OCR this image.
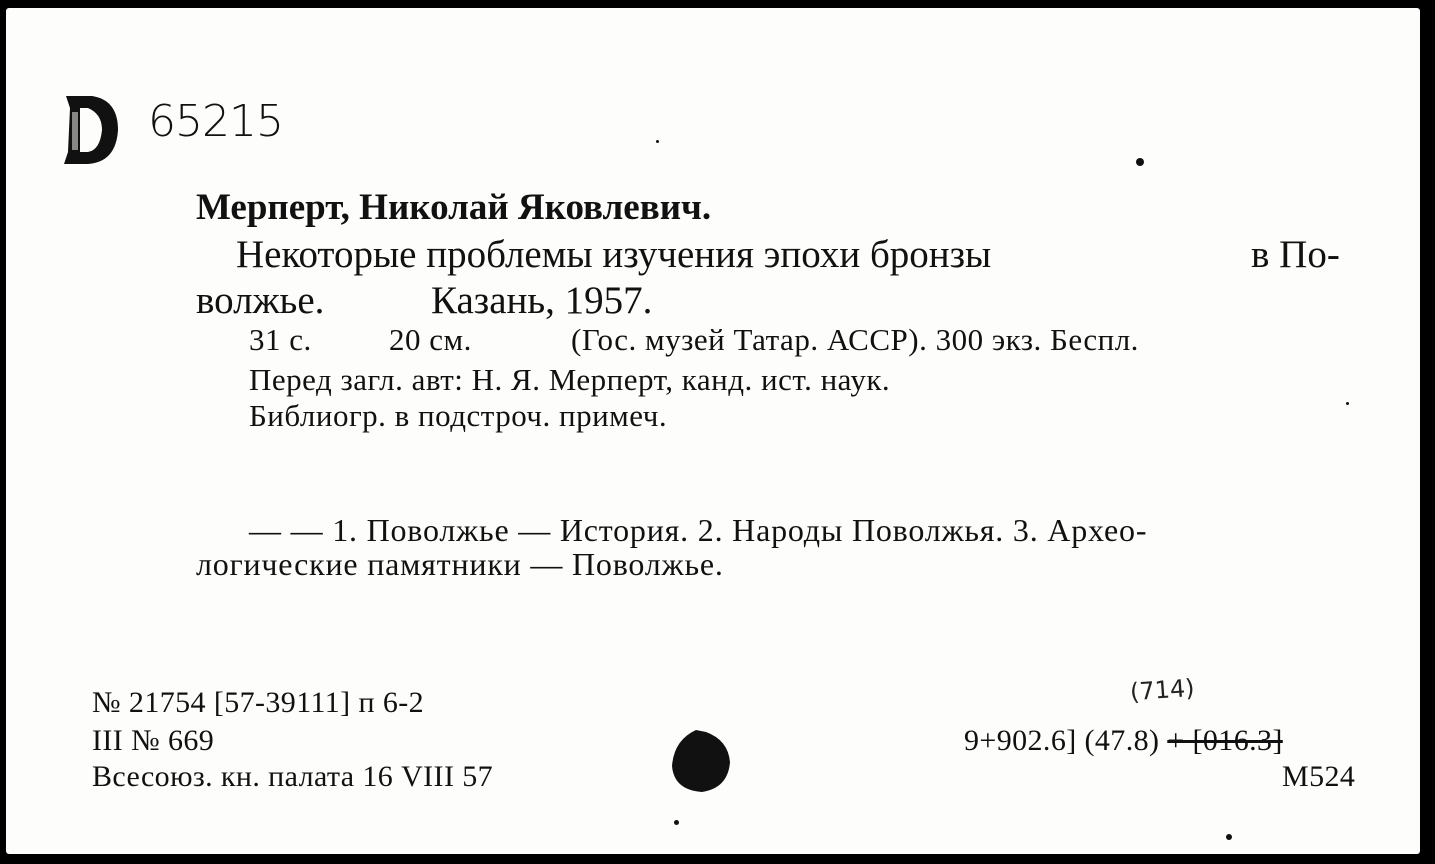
65215
Мерперт, Николай Яковлевич.
Некоторые проблемы изучения эпохи бронзы	в По-
волжье.	Казань, 1957.
31 с. 20 см.	(Гос. музей Татар. АССР). 300 экз. Беспл.
Перед загл. авт: Н. Я. Мерперт, канд. ист. наук.
Библиогр. в подстроч. примеч.
— — 1. Поволжье — История. 2. Народы Поволжья. 3. Архео-
логические памятники — Поволжье.
№ 21754 [57-39111] п 6-2
III № 669
Всесоюз. кн. палата 16 VIII 57
(714)
9+902.6] (47.8) + [016.3]
М524
